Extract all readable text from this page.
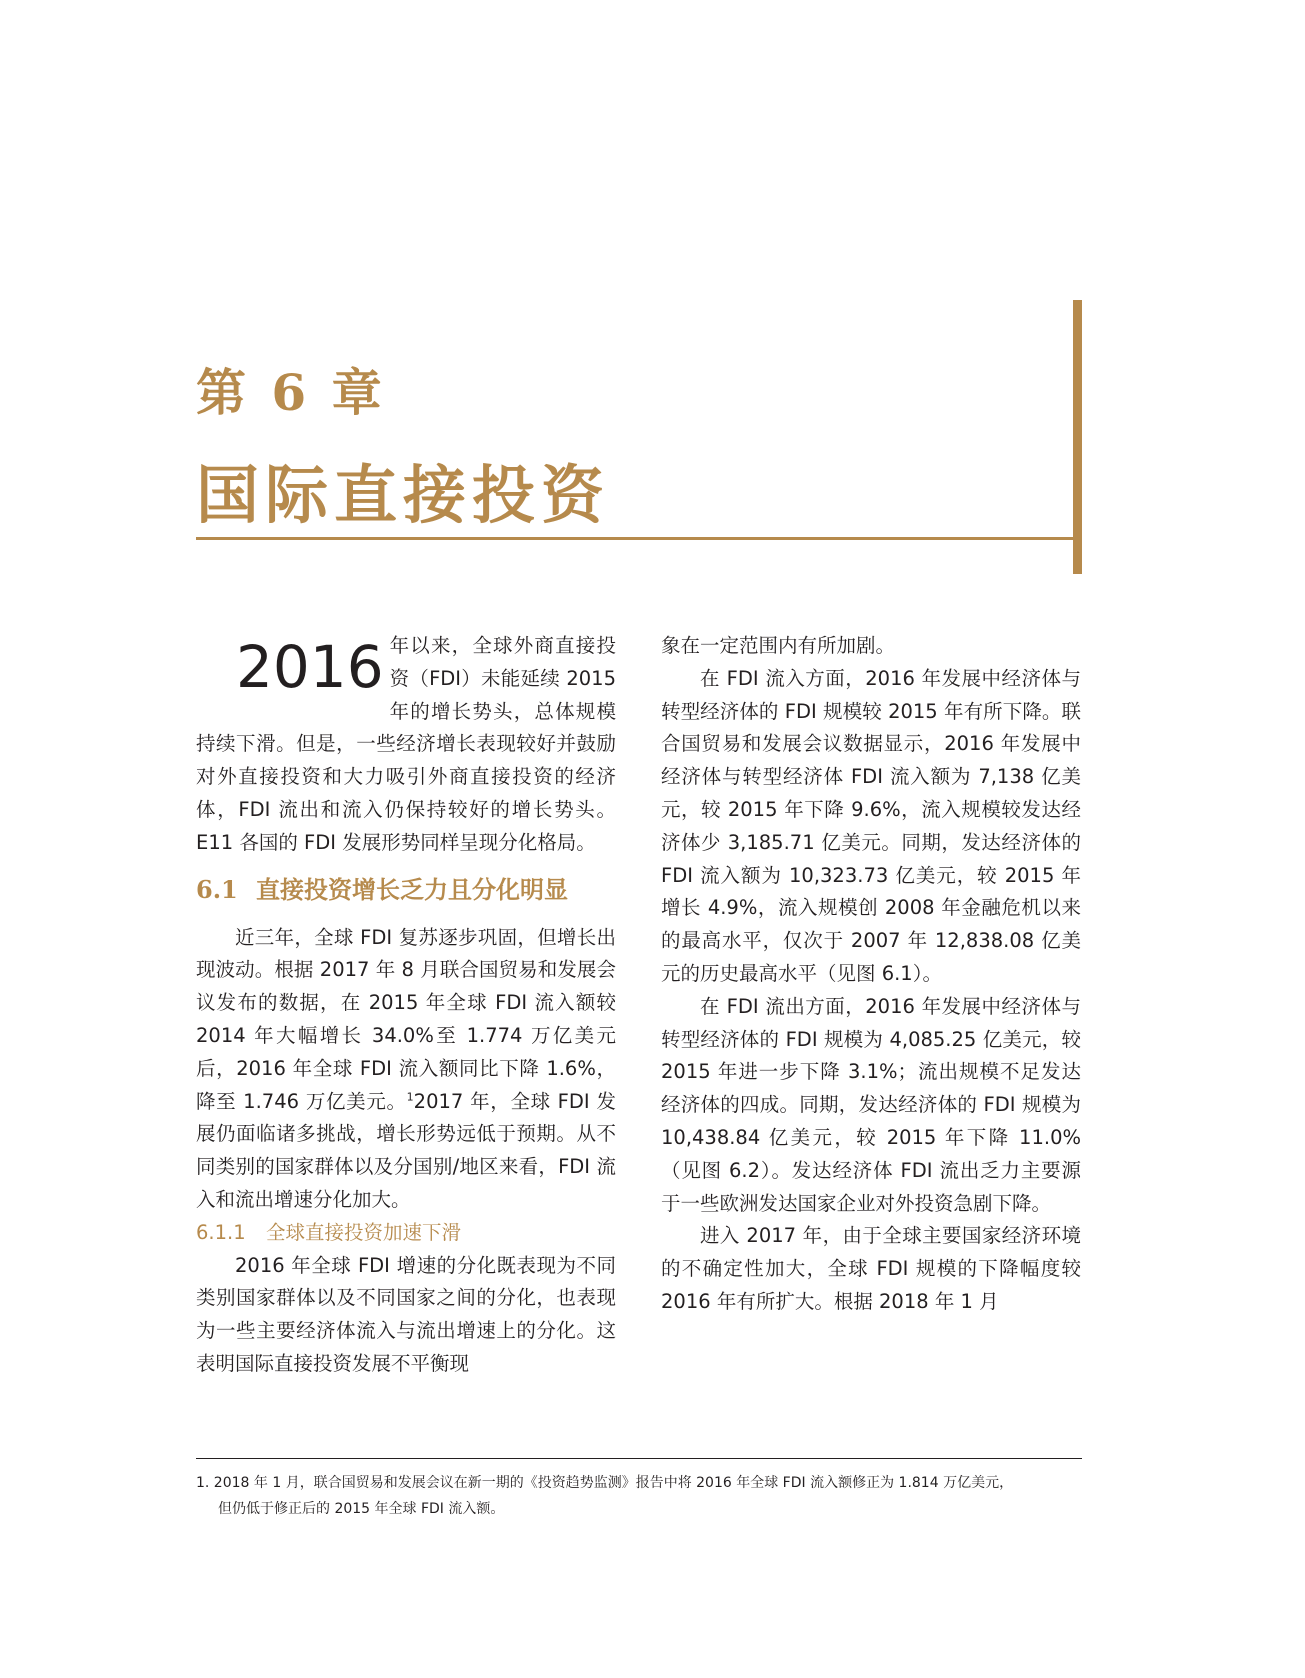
第 6 章
国际直接投资

2016 年以来，全球外商直接投资（FDI）未能延续 2015 年的增长势头，总体规模持续下滑。但是，一些经济增长表现较好并鼓励对外直接投资和大力吸引外商直接投资的经济体，FDI 流出和流入仍保持较好的增长势头。E11 各国的 FDI 发展形势同样呈现分化格局。

6.1 直接投资增长乏力且分化明显

近三年，全球 FDI 复苏逐步巩固，但增长出现波动。根据 2017 年 8 月联合国贸易和发展会议发布的数据，在 2015 年全球 FDI 流入额较 2014 年大幅增长 34.0%至 1.774 万亿美元后，2016 年全球 FDI 流入额同比下降 1.6%，降至 1.746 万亿美元。$^1$2017 年，全球 FDI 发展仍面临诸多挑战，增长形势远低于预期。从不同类别的国家群体以及分国别/地区来看，FDI 流入和流出增速分化加大。

6.1.1 全球直接投资加速下滑

2016 年全球 FDI 增速的分化既表现为不同类别国家群体以及不同国家之间的分化，也表现为一些主要经济体流入与流出增速上的分化。这表明国际直接投资发展不平衡现

象在一定范围内有所加剧。

在 FDI 流入方面，2016 年发展中经济体与转型经济体的 FDI 规模较 2015 年有所下降。联合国贸易和发展会议数据显示，2016 年发展中经济体与转型经济体 FDI 流入额为 7,138 亿美元，较 2015 年下降 9.6%，流入规模较发达经济体少 3,185.71 亿美元。同期，发达经济体的 FDI 流入额为 10,323.73 亿美元，较 2015 年增长 4.9%，流入规模创 2008 年金融危机以来的最高水平，仅次于 2007 年 12,838.08 亿美元的历史最高水平（见图 6.1）。

在 FDI 流出方面，2016 年发展中经济体与转型经济体的 FDI 规模为 4,085.25 亿美元，较 2015 年进一步下降 3.1%；流出规模不足发达经济体的四成。同期，发达经济体的 FDI 规模为 10,438.84 亿美元，较 2015 年下降 11.0%（见图 6.2）。发达经济体 FDI 流出乏力主要源于一些欧洲发达国家企业对外投资急剧下降。

进入 2017 年，由于全球主要国家经济环境的不确定性加大，全球 FDI 规模的下降幅度较 2016 年有所扩大。根据 2018 年 1 月

1. 2018 年 1 月，联合国贸易和发展会议在新一期的《投资趋势监测》报告中将 2016 年全球 FDI 流入额修正为 1.814 万亿美元，
但仍低于修正后的 2015 年全球 FDI 流入额。
